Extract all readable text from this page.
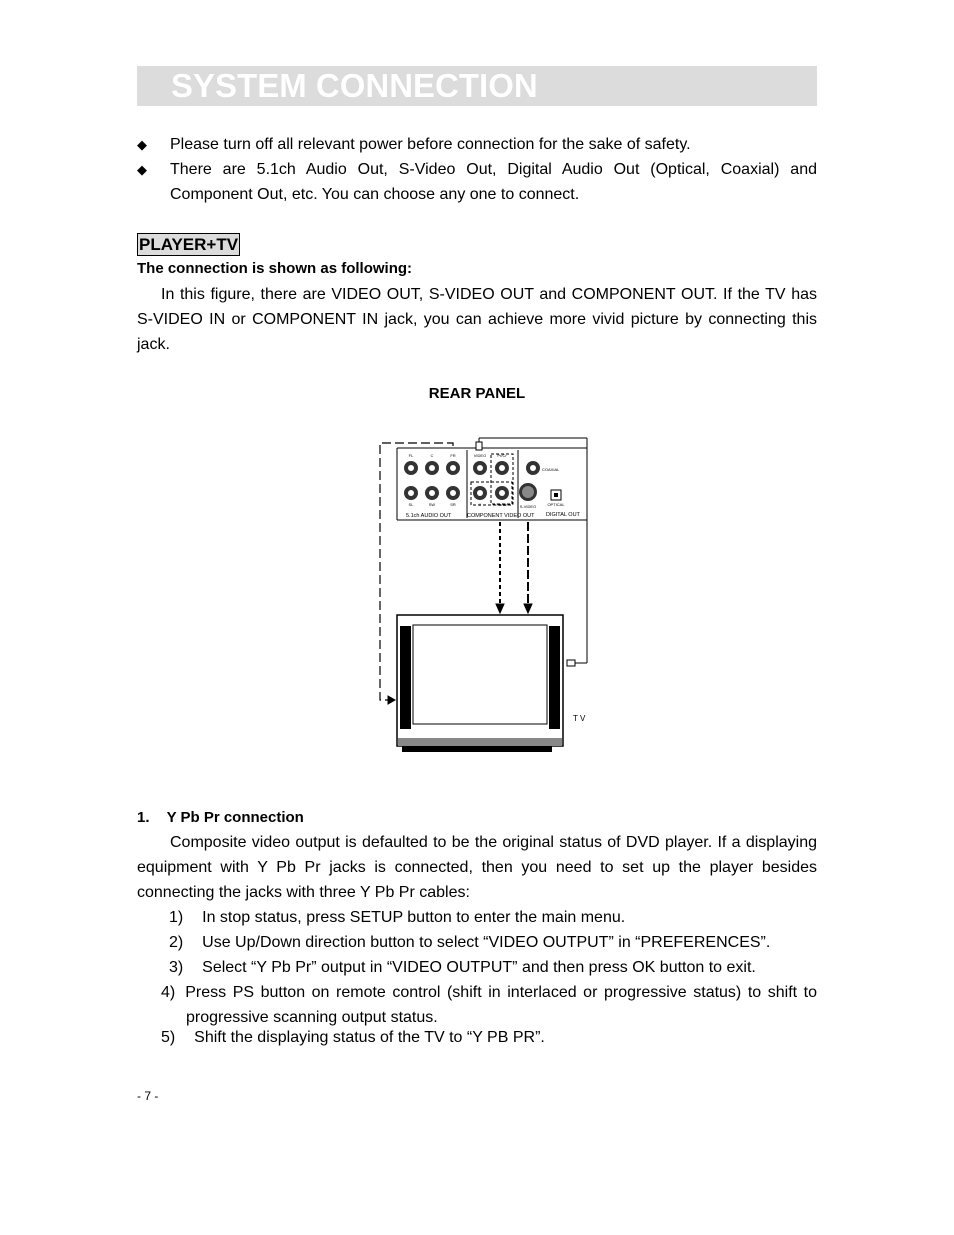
SYSTEM CONNECTION
◆ Please turn off all relevant power before connection for the sake of safety.
◆	There are 5.1ch Audio Out, S-Video Out, Digital Audio Out (Optical, Coaxial) and Component Out, etc. You can choose any one to connect.
PLAYER+TV
The connection is shown as following:
In this figure, there are VIDEO OUT, S-VIDEO OUT and COMPONENT OUT. If the TV has S-VIDEO IN or COMPONENT IN jack, you can achieve more vivid picture by connecting this jack.
REAR PANEL
FL	C	FR
SL	SW	SR
VIDEO	Pr/Cr
Y	Pb/Cb	S-VIDEO	OPTICAL
COAXIAL
5.1ch AUDIO OUT	COMPONENT VIDEO OUT DIGITAL OUT
T V
1. Y Pb Pr connection
Composite video output is defaulted to be the original status of DVD player. If a displaying equipment with Y Pb Pr jacks is connected, then you need to set up the player besides connecting the jacks with three Y Pb Pr cables:
1) In stop status, press SETUP button to enter the main menu.
2) Use Up/Down direction button to select “VIDEO OUTPUT” in “PREFERENCES”.
3) Select “Y Pb Pr” output in “VIDEO OUTPUT” and then press OK button to exit.
4) Press PS button on remote control (shift in interlaced or progressive status) to shift to
progressive scanning output status.
5) Shift the displaying status of the TV to “Y PB PR”.
- 7 -
